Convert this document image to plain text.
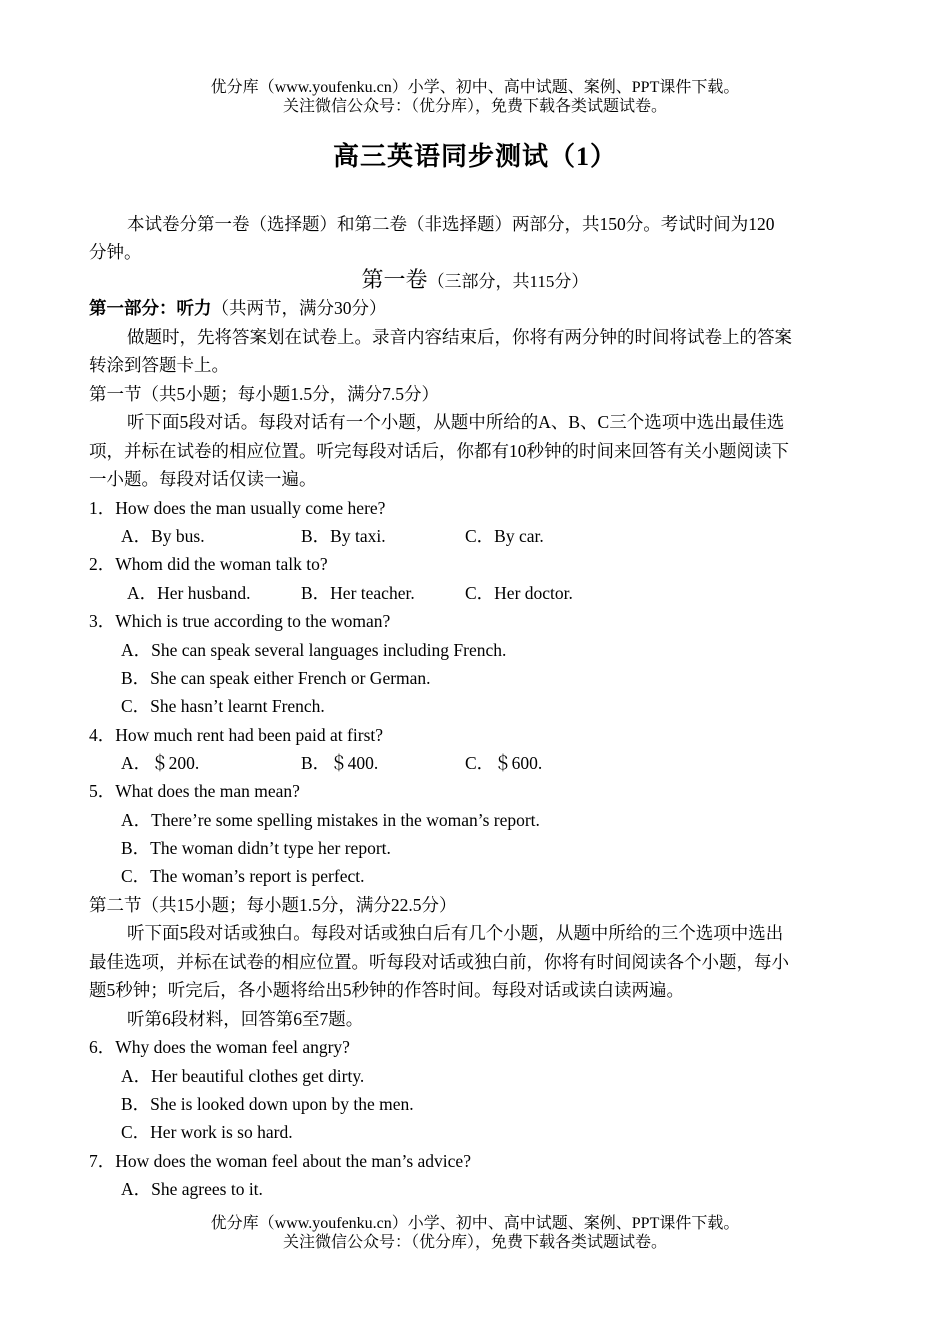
优分库（www.youfenku.cn）小学、初中、高中试题、案例、PPT课件下载。
关注微信公众号：（优分库），免费下载各类试题试卷。
高三英语同步测试（1）
本试卷分第一卷（选择题）和第二卷（非选择题）两部分，共150分。考试时间为120
分钟。
第一卷（三部分，共115分）
第一部分：听力（共两节，满分30分）
做题时，先将答案划在试卷上。录音内容结束后，你将有两分钟的时间将试卷上的答案
转涂到答题卡上。
第一节（共5小题；每小题1.5分，满分7.5分）
听下面5段对话。每段对话有一个小题，从题中所给的A、B、C三个选项中选出最佳选
项，并标在试卷的相应位置。听完每段对话后，你都有10秒钟的时间来回答有关小题阅读下
一小题。每段对话仅读一遍。
1．How does the man usually come here?
A．By bus.	B．By taxi.	C．By car.
2．Whom did the woman talk to?
A．Her husband.	B．Her teacher.	C．Her doctor.
3．Which is true according to the woman?
A．She can speak several languages including French.
B．She can speak either French or German.
C．She hasn’t learnt French.
4．How much rent had been paid at first?
A．＄200.	B．＄400.	C．＄600.
5．What does the man mean?
A．There’re some spelling mistakes in the woman’s report.
B．The woman didn’t type her report.
C．The woman’s report is perfect.
第二节（共15小题；每小题1.5分，满分22.5分）
听下面5段对话或独白。每段对话或独白后有几个小题，从题中所给的三个选项中选出
最佳选项，并标在试卷的相应位置。听每段对话或独白前，你将有时间阅读各个小题，每小
题5秒钟；听完后，各小题将给出5秒钟的作答时间。每段对话或读白读两遍。
听第6段材料，回答第6至7题。
6．Why does the woman feel angry?
A．Her beautiful clothes get dirty.
B．She is looked down upon by the men.
C．Her work is so hard.
7．How does the woman feel about the man’s advice?
A．She agrees to it.
优分库（www.youfenku.cn）小学、初中、高中试题、案例、PPT课件下载。
关注微信公众号：（优分库），免费下载各类试题试卷。
